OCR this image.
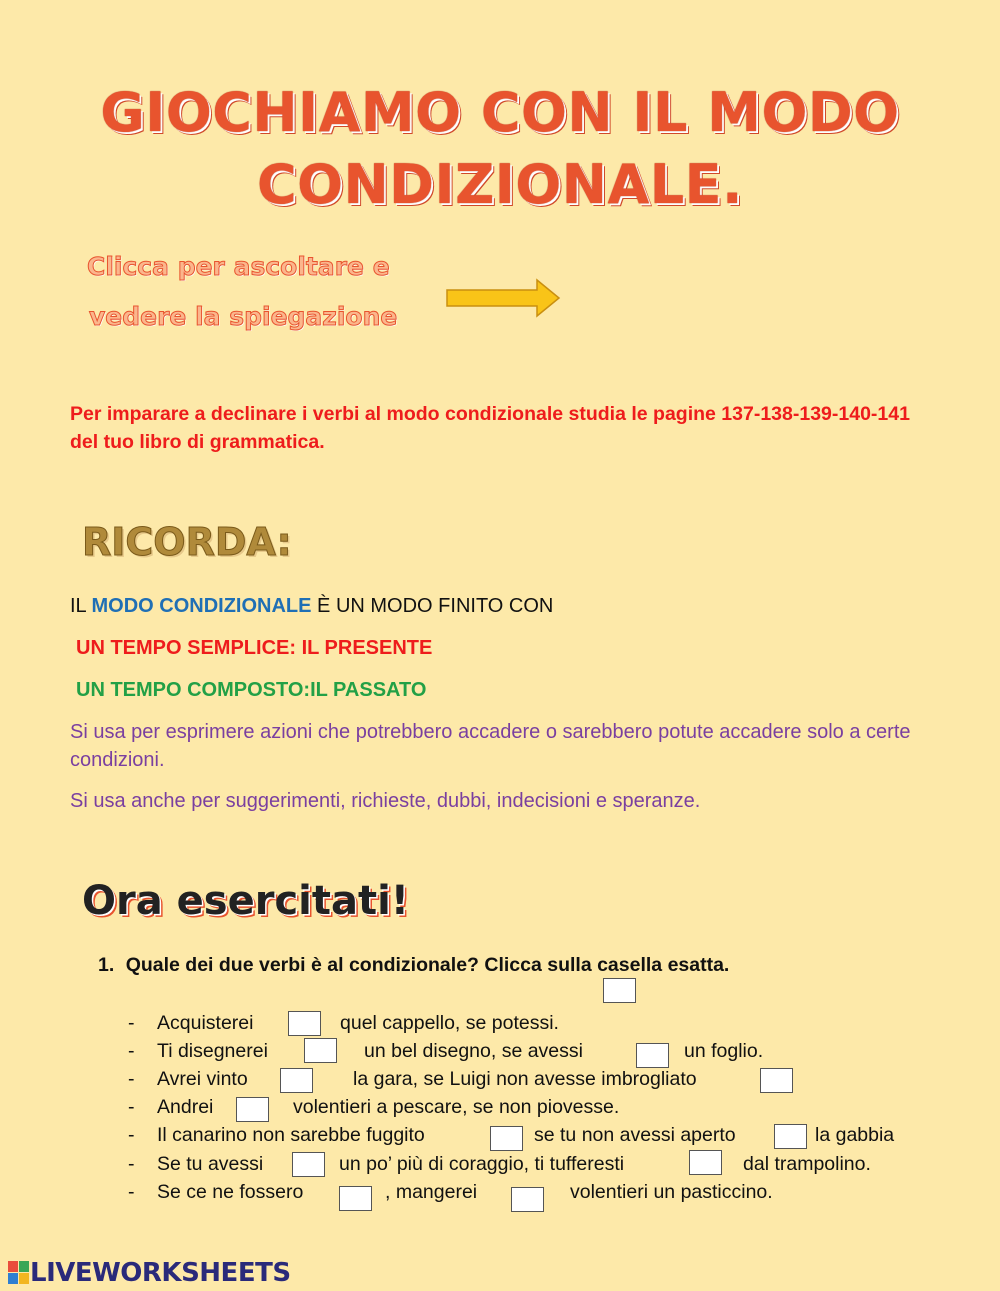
GIOCHIAMO CON IL MODO
CONDIZIONALE.
Clicca per ascoltare e
vedere la spiegazione
Per imparare a declinare i verbi al modo condizionale studia le pagine 137-138-139-140-141 del tuo libro di grammatica.
RICORDA:
IL MODO CONDIZIONALE È UN MODO FINITO CON
UN TEMPO SEMPLICE: IL PRESENTE
UN TEMPO COMPOSTO:IL PASSATO
Si usa per esprimere azioni che potrebbero accadere o sarebbero potute accadere solo a certe condizioni.
Si usa anche per suggerimenti, richieste, dubbi, indecisioni e speranze.
Ora esercitati!
1. Quale dei due verbi è al condizionale? Clicca sulla casella esatta.
- Acquisterei	quel cappello, se potessi.
- Ti disegnerei	un bel disegno, se avessi	un foglio.
- Avrei vinto	la gara, se Luigi non avesse imbrogliato
- Andrei	volentieri a pescare, se non piovesse.
- Il canarino non sarebbe fuggito	se tu non avessi aperto	la gabbia
- Se tu avessi	un po’ più di coraggio, ti tufferesti	dal trampolino.
- Se ce ne fossero	, mangerei	volentieri un pasticcino.
LIVEWORKSHEETS
